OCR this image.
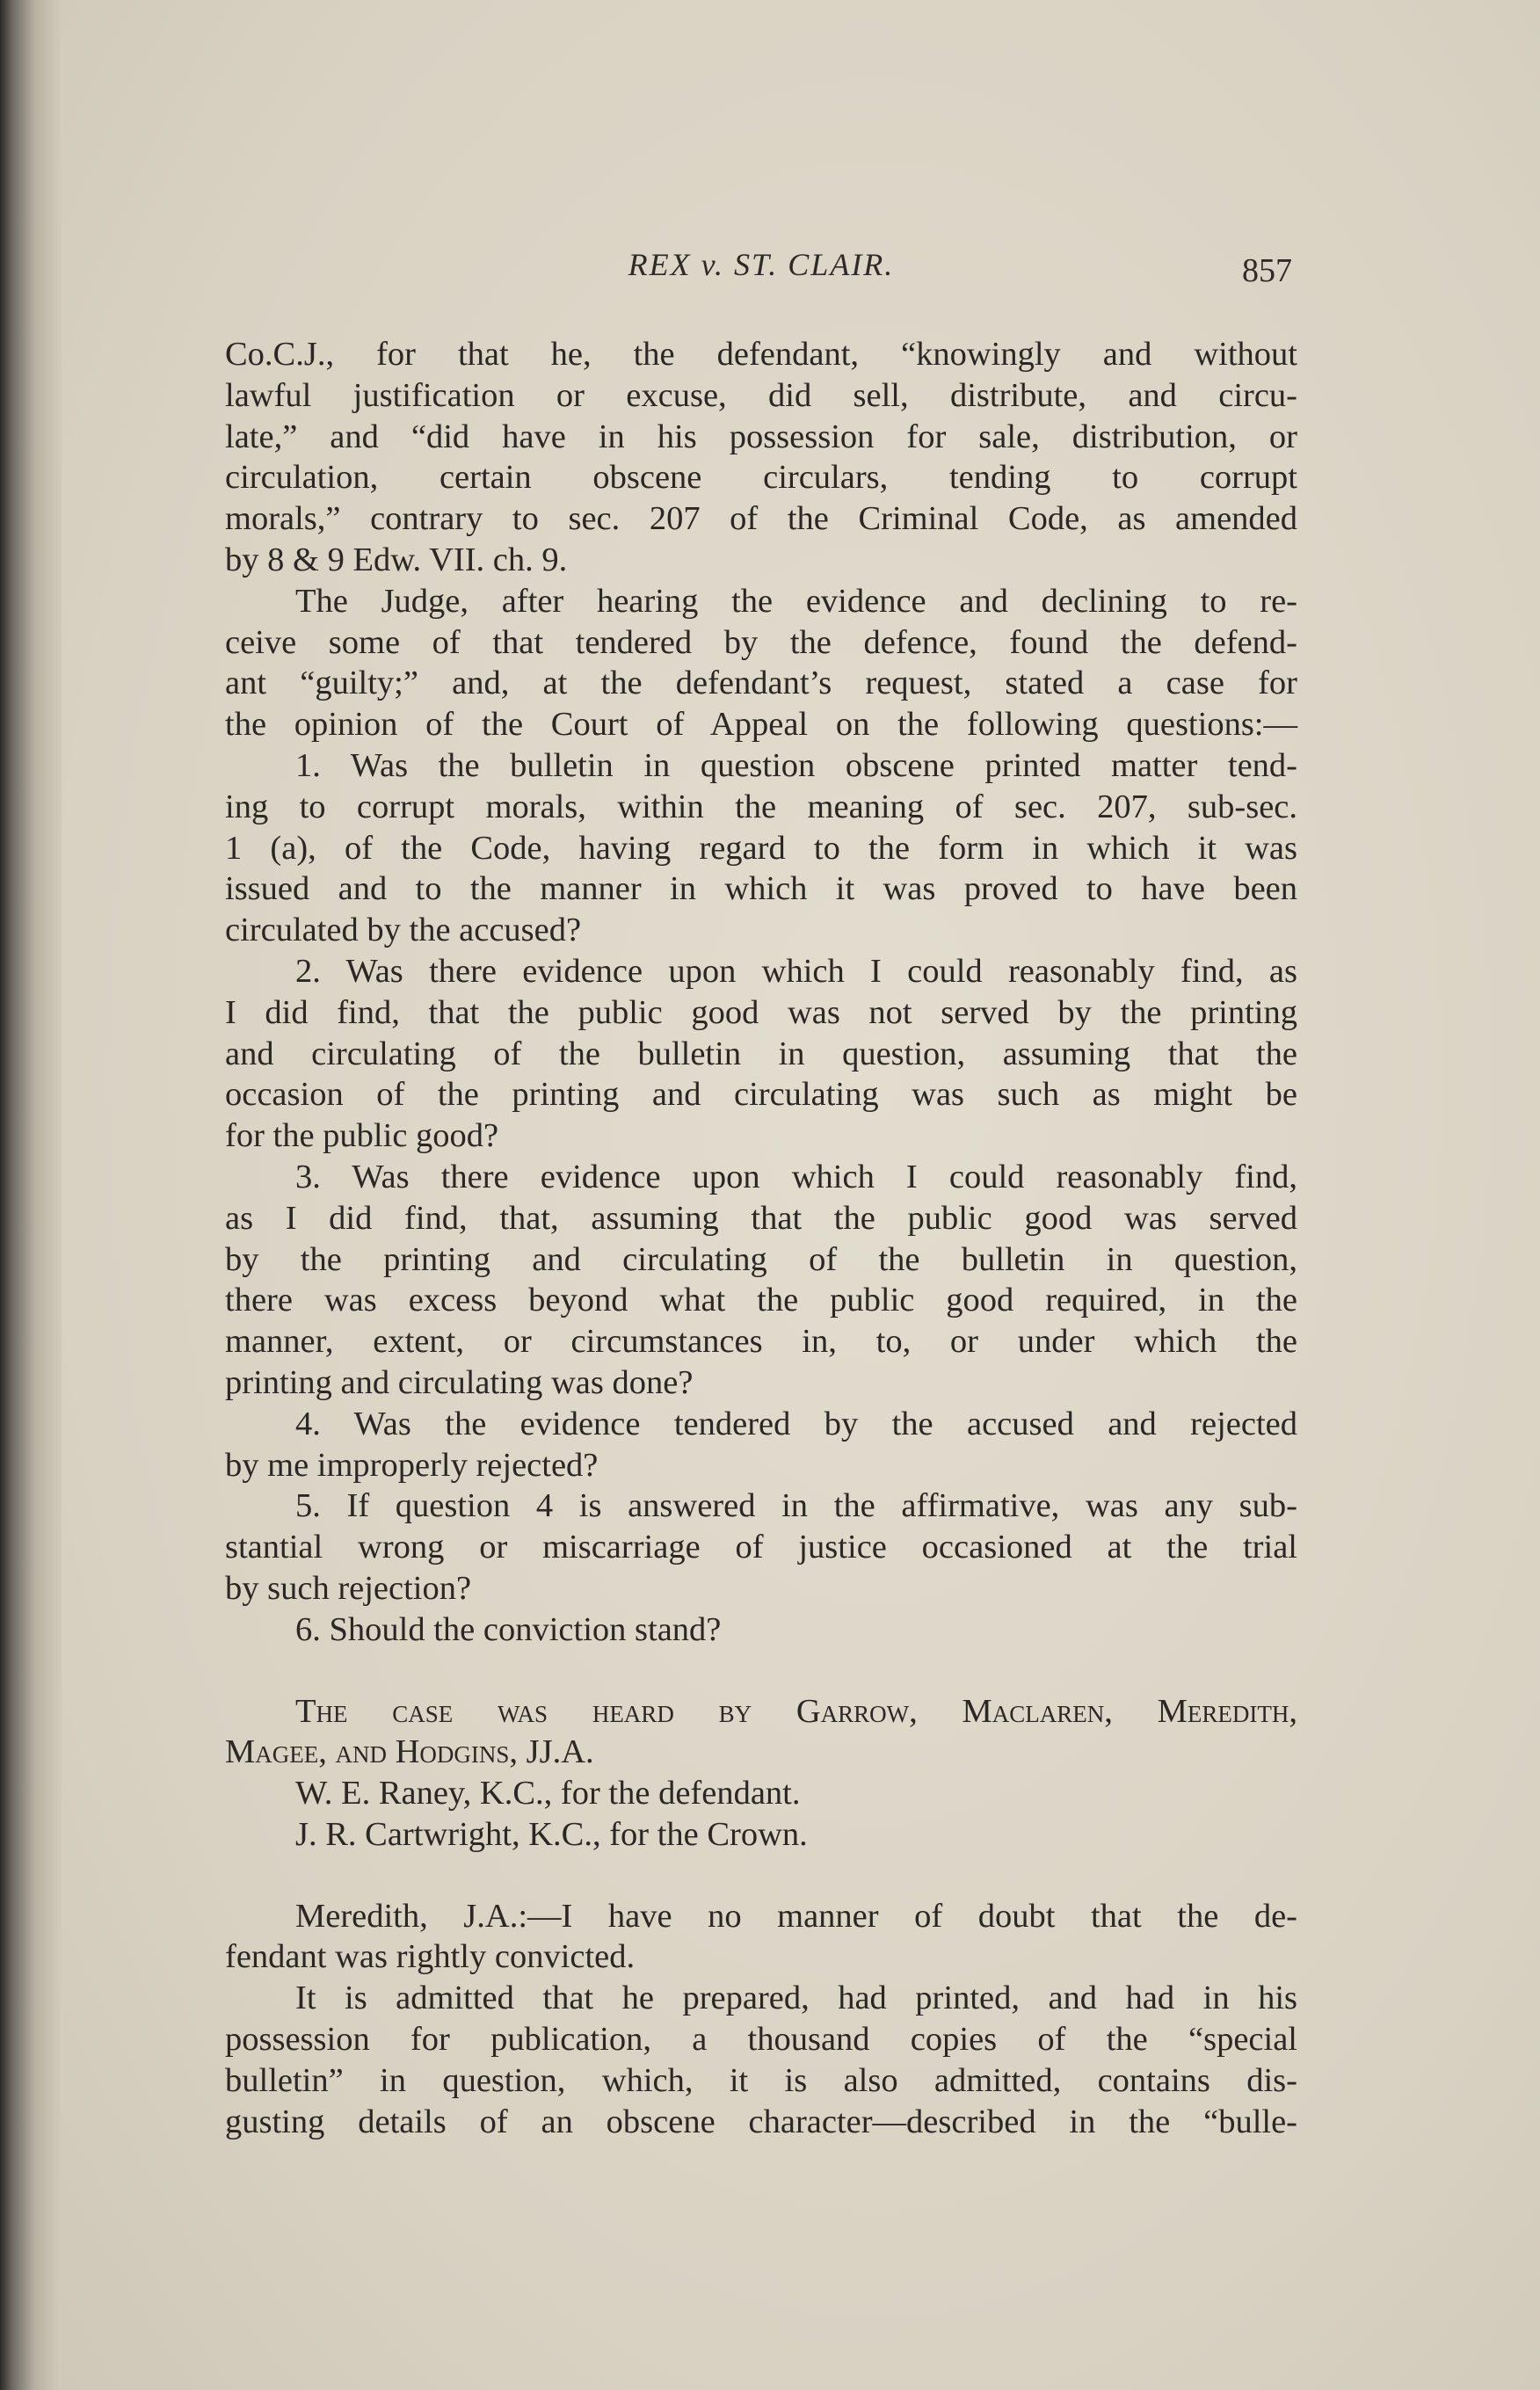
REX v. ST. CLAIR.	857
Co.C.J., for that he, the defendant, “knowingly and without
lawful justification or excuse, did sell, distribute, and circu-
late,” and “did have in his possession for sale, distribution, or
circulation, certain obscene circulars, tending to corrupt
morals,” contrary to sec. 207 of the Criminal Code, as amended
by 8 & 9 Edw. VII. ch. 9.
The Judge, after hearing the evidence and declining to re-
ceive some of that tendered by the defence, found the defend-
ant “guilty;” and, at the defendant’s request, stated a case for
the opinion of the Court of Appeal on the following questions:—
1. Was the bulletin in question obscene printed matter tend-
ing to corrupt morals, within the meaning of sec. 207, sub-sec.
1 (a), of the Code, having regard to the form in which it was
issued and to the manner in which it was proved to have been
circulated by the accused?
2. Was there evidence upon which I could reasonably find, as
I did find, that the public good was not served by the printing
and circulating of the bulletin in question, assuming that the
occasion of the printing and circulating was such as might be
for the public good?
3. Was there evidence upon which I could reasonably find,
as I did find, that, assuming that the public good was served
by the printing and circulating of the bulletin in question,
there was excess beyond what the public good required, in the
manner, extent, or circumstances in, to, or under which the
printing and circulating was done?
4. Was the evidence tendered by the accused and rejected
by me improperly rejected?
5. If question 4 is answered in the affirmative, was any sub-
stantial wrong or miscarriage of justice occasioned at the trial
by such rejection?
6. Should the conviction stand?
The case was heard by Garrow, Maclaren, Meredith,
Magee, and Hodgins, JJ.A.
W. E. Raney, K.C., for the defendant.
J. R. Cartwright, K.C., for the Crown.
Meredith, J.A.:—I have no manner of doubt that the de-
fendant was rightly convicted.
It is admitted that he prepared, had printed, and had in his
possession for publication, a thousand copies of the “special
bulletin” in question, which, it is also admitted, contains dis-
gusting details of an obscene character—described in the “bulle-
